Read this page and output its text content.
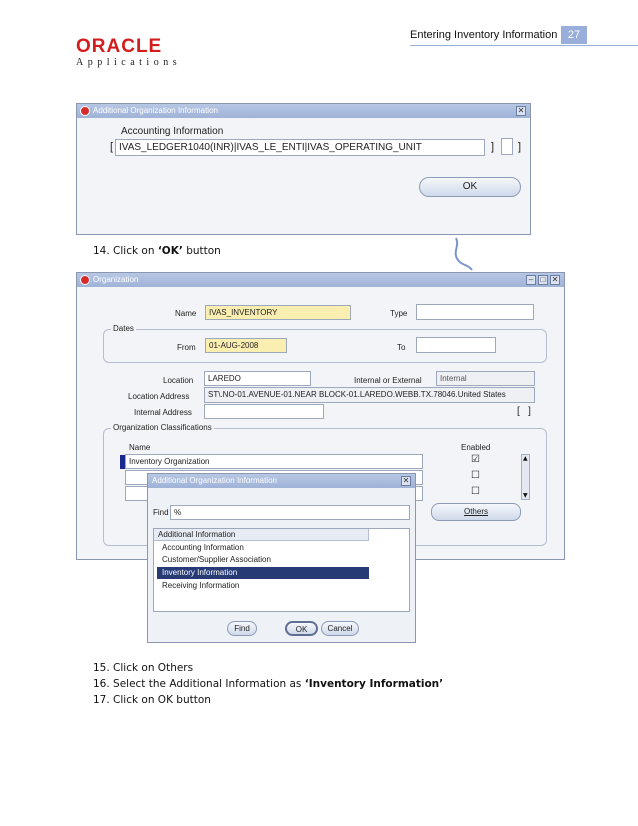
ORACLE
Applications
Entering Inventory Information 27
Additional Organization Information	✕
Accounting Information
[ IVAS_LEDGER1040(INR)|IVAS_LE_ENTI|IVAS_OPERATING_UNIT	] ]
OK
14. Click on ‘OK’ button
Organization	– □ ✕
Name	IVAS_INVENTORY	Type
Dates
From	01-AUG-2008	To
Location	LAREDO	Internal or External	Internal
Location Address	ST\.NO-01.AVENUE-01.NEAR BLOCK-01.LAREDO.WEBB.TX.78046.United States
Internal Address	[   ]
Organization Classifications
Name	Enabled
Inventory Organization	☑
☐
☐
▲
▼
Others
Additional Organization Information	✕
Find %
Additional Information
Accounting Information
Customer/Supplier Association
Inventory Information
Receiving Information
Find	OK	Cancel
15. Click on Others
16. Select the Additional Information as ‘Inventory Information’
17. Click on OK button
